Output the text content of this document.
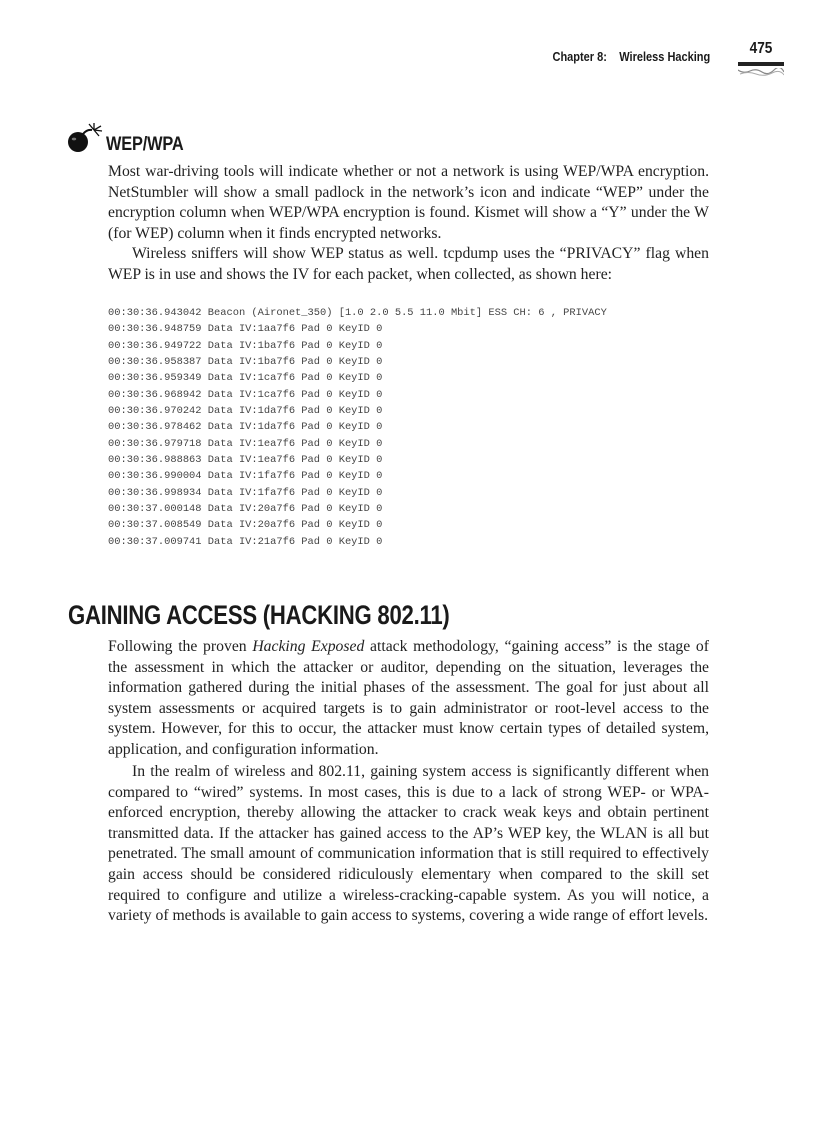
Chapter 8: Wireless Hacking	475
WEP/WPA

Most war-driving tools will indicate whether or not a network is using WEP/WPA encryption. NetStumbler will show a small padlock in the network’s icon and indicate “WEP” under the encryption column when WEP/WPA encryption is found. Kismet will show a “Y” under the W (for WEP) column when it finds encrypted networks.

Wireless sniffers will show WEP status as well. tcpdump uses the “PRIVACY” flag when WEP is in use and shows the IV for each packet, when collected, as shown here:

00:30:36.943042 Beacon (Aironet_350) [1.0 2.0 5.5 11.0 Mbit] ESS CH: 6 , PRIVACY
00:30:36.948759 Data IV:1aa7f6 Pad 0 KeyID 0
00:30:36.949722 Data IV:1ba7f6 Pad 0 KeyID 0
00:30:36.958387 Data IV:1ba7f6 Pad 0 KeyID 0
00:30:36.959349 Data IV:1ca7f6 Pad 0 KeyID 0
00:30:36.968942 Data IV:1ca7f6 Pad 0 KeyID 0
00:30:36.970242 Data IV:1da7f6 Pad 0 KeyID 0
00:30:36.978462 Data IV:1da7f6 Pad 0 KeyID 0
00:30:36.979718 Data IV:1ea7f6 Pad 0 KeyID 0
00:30:36.988863 Data IV:1ea7f6 Pad 0 KeyID 0
00:30:36.990004 Data IV:1fa7f6 Pad 0 KeyID 0
00:30:36.998934 Data IV:1fa7f6 Pad 0 KeyID 0
00:30:37.000148 Data IV:20a7f6 Pad 0 KeyID 0
00:30:37.008549 Data IV:20a7f6 Pad 0 KeyID 0
00:30:37.009741 Data IV:21a7f6 Pad 0 KeyID 0
GAINING ACCESS (HACKING 802.11)

Following the proven Hacking Exposed attack methodology, “gaining access” is the stage of the assessment in which the attacker or auditor, depending on the situation, leverages the information gathered during the initial phases of the assessment. The goal for just about all system assessments or acquired targets is to gain administrator or root-level access to the system. However, for this to occur, the attacker must know certain types of detailed system, application, and configuration information.

In the realm of wireless and 802.11, gaining system access is significantly different when compared to “wired” systems. In most cases, this is due to a lack of strong WEP- or WPA-enforced encryption, thereby allowing the attacker to crack weak keys and obtain pertinent transmitted data. If the attacker has gained access to the AP’s WEP key, the WLAN is all but penetrated. The small amount of communication information that is still required to effectively gain access should be considered ridiculously elementary when compared to the skill set required to configure and utilize a wireless-cracking-capable system. As you will notice, a variety of methods is available to gain access to systems, covering a wide range of effort levels.
